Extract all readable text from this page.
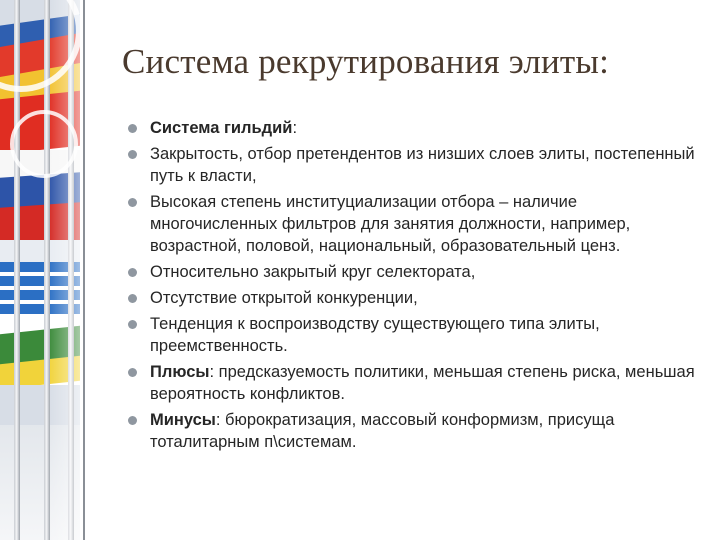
Система рекрутирования элиты:
Система гильдий:
Закрытость, отбор претендентов из низших слоев элиты, постепенный путь к власти,
Высокая степень институциализации отбора – наличие многочисленных фильтров для занятия должности, например, возрастной, половой, национальный, образовательный ценз.
Относительно закрытый круг селектората,
Отсутствие открытой конкуренции,
Тенденция к воспроизводству существующего типа элиты, преемственность.
Плюсы: предсказуемость политики, меньшая степень риска, меньшая вероятность конфликтов.
Минусы: бюрократизация, массовый конформизм, присуща тоталитарным п\системам.
